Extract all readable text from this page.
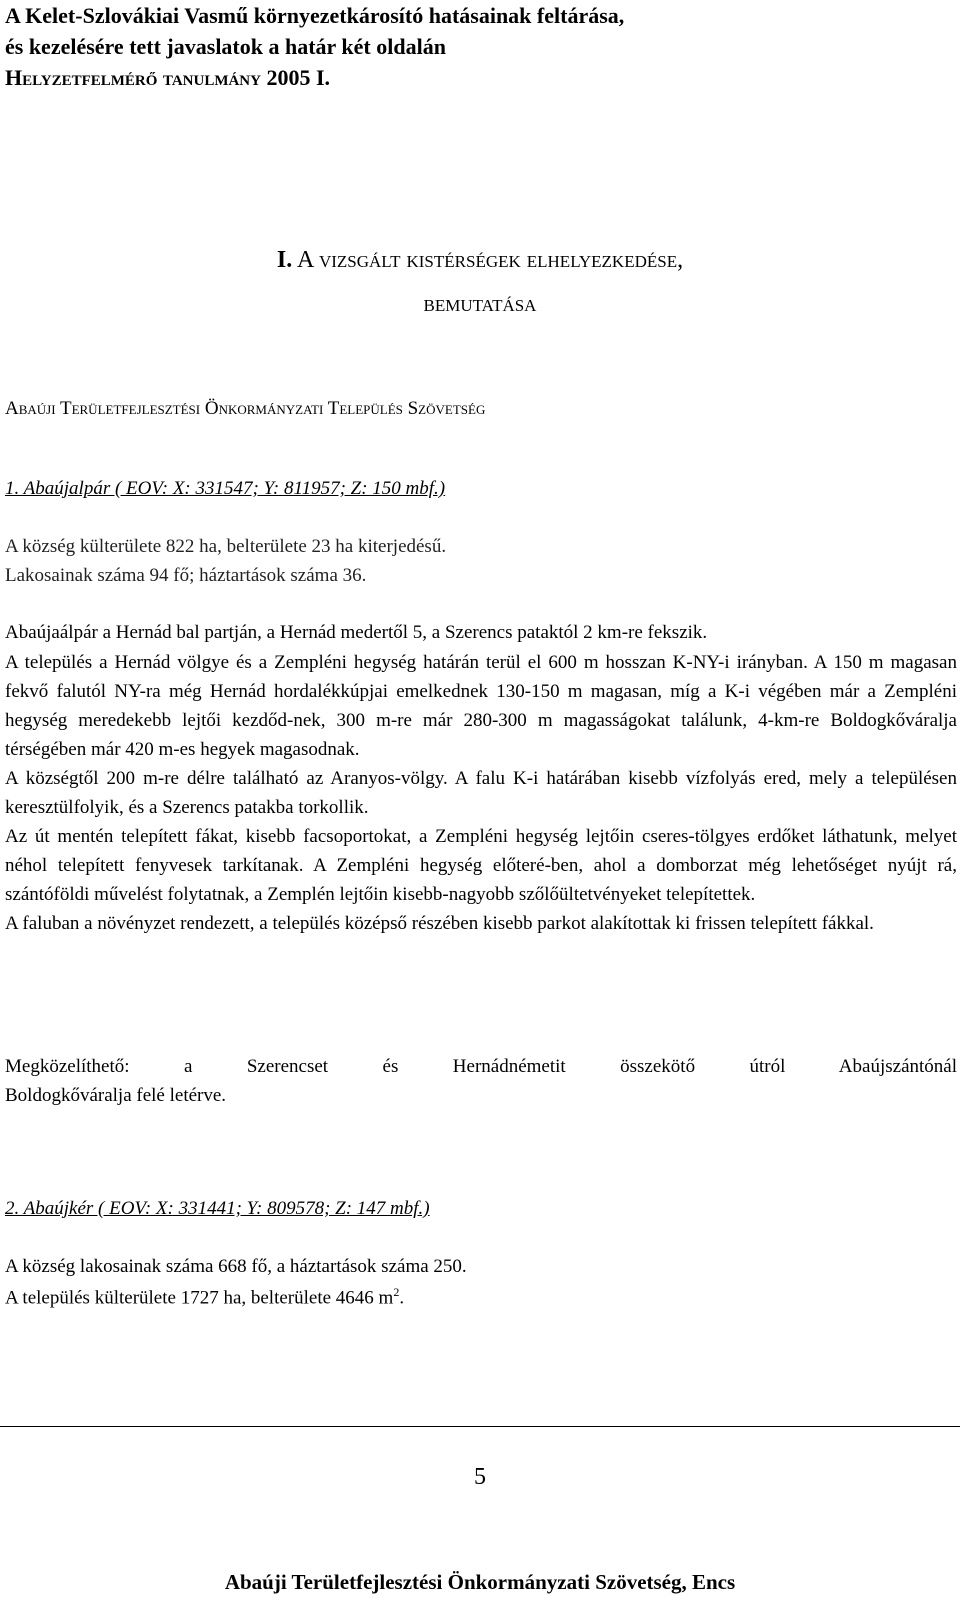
A Kelet-Szlovákiai Vasmű környezetkárosító hatásainak feltárása,
és kezelésére tett javaslatok a határ két oldalán
Helyzetfelmérő tanulmány 2005 I.
I. A vizsgált kistérségek elhelyezkedése,
bemutatása
Abaúji Területfejlesztési Önkormányzati Település Szövetség
1. Abaújalpár ( EOV: X: 331547; Y: 811957; Z: 150 mbf.)
A község külterülete 822 ha, belterülete 23 ha kiterjedésű.
Lakosainak száma 94 fő; háztartások száma 36.
Abaújaálpár a Hernád bal partján, a Hernád medertől 5, a Szerencs pataktól 2 km-re fekszik.

A település a Hernád völgye és a Zempléni hegység határán terül el 600 m hosszan K-NY-i irányban. A 150 m magasan fekvő falutól NY-ra még Hernád hordalékkúpjai emelkednek 130-150 m magasan, míg a K-i végében már a Zempléni hegység meredekebb lejtői kezdőd-nek, 300 m-re már 280-300 m magasságokat találunk, 4-km-re Boldogkőváralja térségében már 420 m-es hegyek magasodnak.

A községtől 200 m-re délre található az Aranyos-völgy. A falu K-i határában kisebb vízfolyás ered, mely a településen keresztülfolyik, és a Szerencs patakba torkollik.

Az út mentén telepített fákat, kisebb facsoportokat, a Zempléni hegység lejtőin cseres-tölgyes erdőket láthatunk, melyet néhol telepített fenyvesek tarkítanak. A Zempléni hegység előteré-ben, ahol a domborzat még lehetőséget nyújt rá, szántóföldi művelést folytatnak, a Zemplén lejtőin kisebb-nagyobb szőlőültetvényeket telepítettek.

A faluban a növényzet rendezett, a település középső részében kisebb parkot alakítottak ki frissen telepített fákkal.

Megközelíthető: a Szerencset és Hernádnémetit összekötő útról Abaújszántónál
Boldogkőváralja felé letérve.
2. Abaújkér ( EOV: X: 331441; Y: 809578; Z: 147 mbf.)
A község lakosainak száma 668 fő, a háztartások száma 250.
A település külterülete 1727 ha, belterülete 4646 $m^2$.
5
Abaúji Területfejlesztési Önkormányzati Szövetség, Encs
